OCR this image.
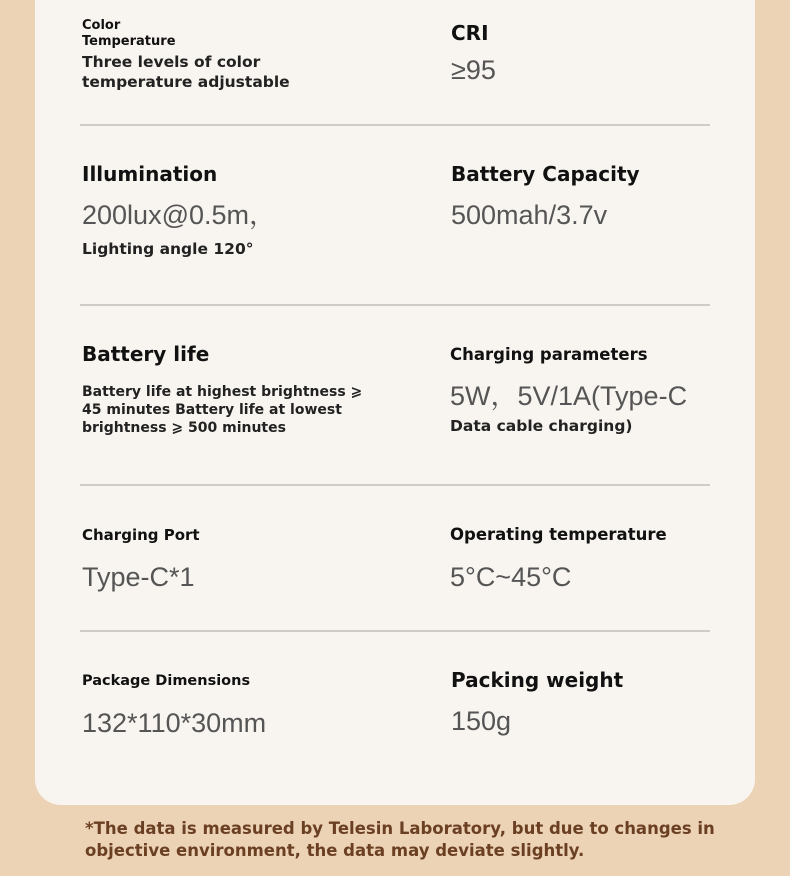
Color
Temperature
Three levels of color
temperature adjustable
CRI
≥95
Illumination
200lux@0.5m，
Lighting angle 120°
Battery Capacity
500mah/3.7v
Battery life
Battery life at highest brightness ⩾
45 minutes Battery life at lowest
brightness ⩾ 500 minutes
Charging parameters
5W，5V/1A(Type-C
Data cable charging)
Charging Port
Type-C*1
Operating temperature
5°C~45°C
Package Dimensions
132*110*30mm
Packing weight
150g
*The data is measured by Telesin Laboratory, but due to changes in objective environment, the data may deviate slightly.
